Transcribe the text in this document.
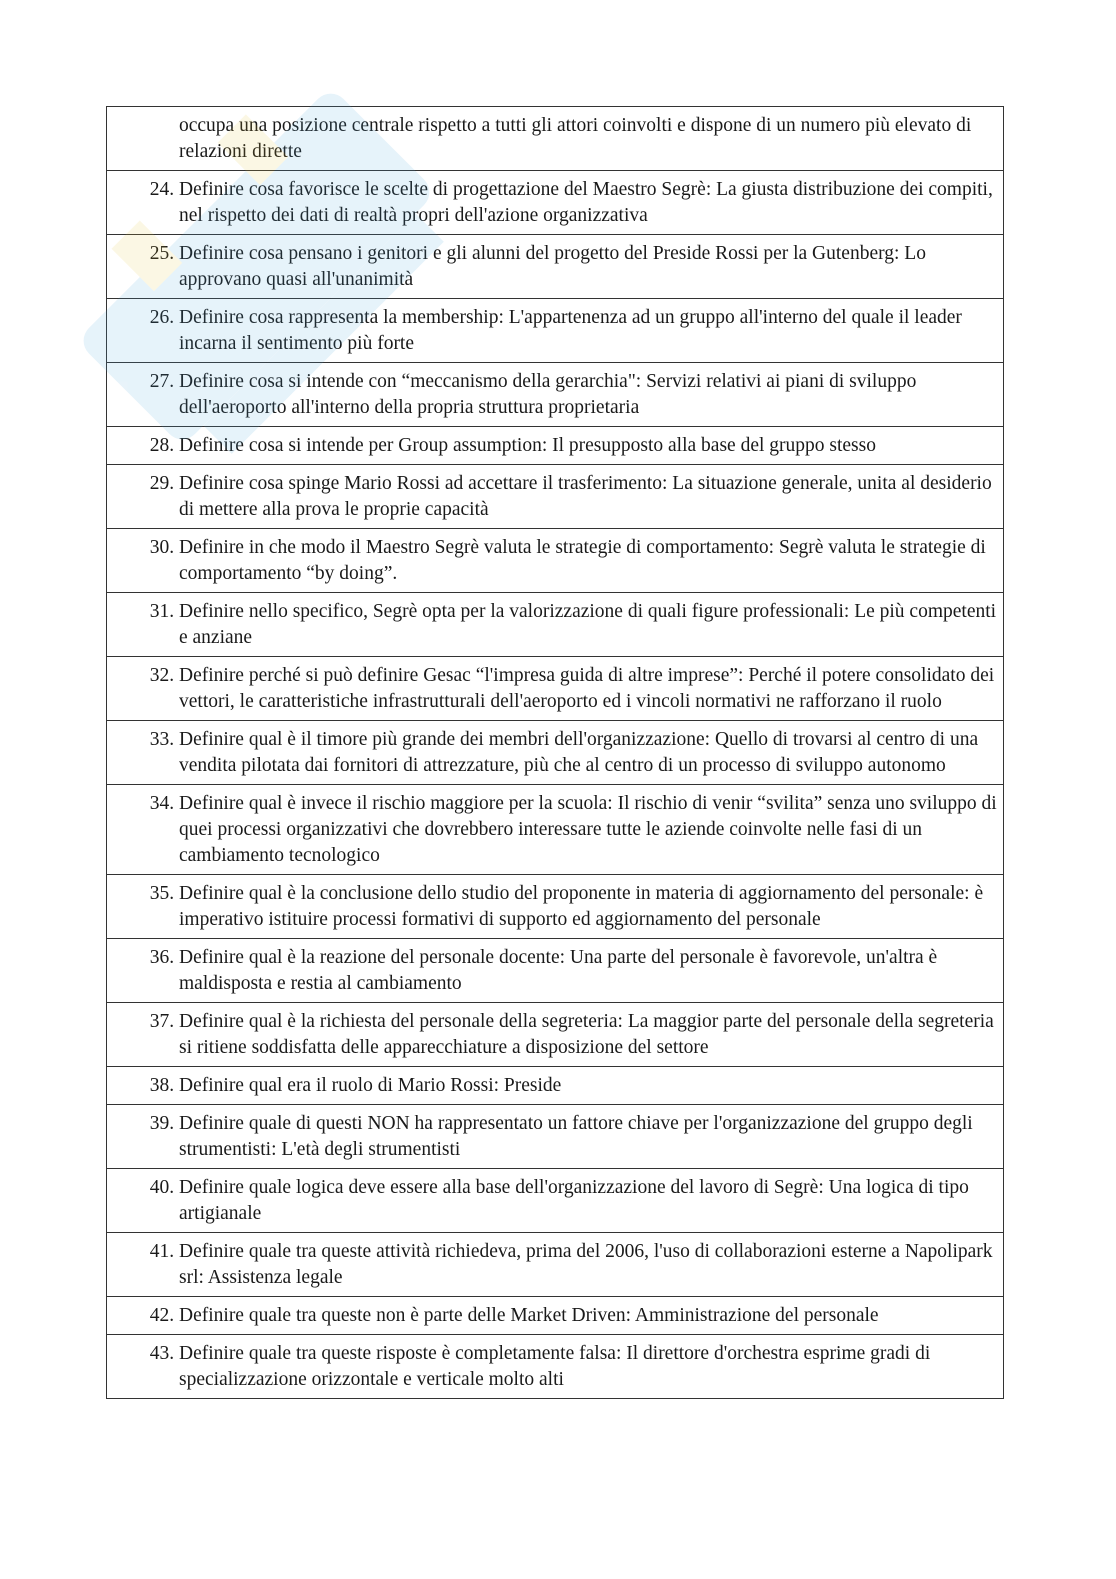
occupa una posizione centrale rispetto a tutti gli attori coinvolti e dispone di un numero più elevato di relazioni dirette

24. Definire cosa favorisce le scelte di progettazione del Maestro Segrè: La giusta distribuzione dei compiti, nel rispetto dei dati di realtà propri dell'azione organizzativa

25. Definire cosa pensano i genitori e gli alunni del progetto del Preside Rossi per la Gutenberg: Lo approvano quasi all'unanimità

26. Definire cosa rappresenta la membership: L'appartenenza ad un gruppo all'interno del quale il leader incarna il sentimento più forte

27. Definire cosa si intende con “meccanismo della gerarchia": Servizi relativi ai piani di sviluppo dell'aeroporto all'interno della propria struttura proprietaria

28. Definire cosa si intende per Group assumption: Il presupposto alla base del gruppo stesso

29. Definire cosa spinge Mario Rossi ad accettare il trasferimento: La situazione generale, unita al desiderio di mettere alla prova le proprie capacità

30. Definire in che modo il Maestro Segrè valuta le strategie di comportamento: Segrè valuta le strategie di comportamento “by doing”.

31. Definire nello specifico, Segrè opta per la valorizzazione di quali figure professionali: Le più competenti e anziane

32. Definire perché si può definire Gesac “l'impresa guida di altre imprese”: Perché il potere consolidato dei vettori, le caratteristiche infrastrutturali dell'aeroporto ed i vincoli normativi ne rafforzano il ruolo

33. Definire qual è il timore più grande dei membri dell'organizzazione: Quello di trovarsi al centro di una vendita pilotata dai fornitori di attrezzature, più che al centro di un processo di sviluppo autonomo

34. Definire qual è invece il rischio maggiore per la scuola: Il rischio di venir “svilita” senza uno sviluppo di quei processi organizzativi che dovrebbero interessare tutte le aziende coinvolte nelle fasi di un cambiamento tecnologico

35. Definire qual è la conclusione dello studio del proponente in materia di aggiornamento del personale: è imperativo istituire processi formativi di supporto ed aggiornamento del personale

36. Definire qual è la reazione del personale docente: Una parte del personale è favorevole, un'altra è maldisposta e restia al cambiamento

37. Definire qual è la richiesta del personale della segreteria: La maggior parte del personale della segreteria si ritiene soddisfatta delle apparecchiature a disposizione del settore

38. Definire qual era il ruolo di Mario Rossi: Preside

39. Definire quale di questi NON ha rappresentato un fattore chiave per l'organizzazione del gruppo degli strumentisti: L'età degli strumentisti

40. Definire quale logica deve essere alla base dell'organizzazione del lavoro di Segrè: Una logica di tipo artigianale

41. Definire quale tra queste attività richiedeva, prima del 2006, l'uso di collaborazioni esterne a Napolipark srl: Assistenza legale

42. Definire quale tra queste non è parte delle Market Driven: Amministrazione del personale

43. Definire quale tra queste risposte è completamente falsa: Il direttore d'orchestra esprime gradi di specializzazione orizzontale e verticale molto alti
